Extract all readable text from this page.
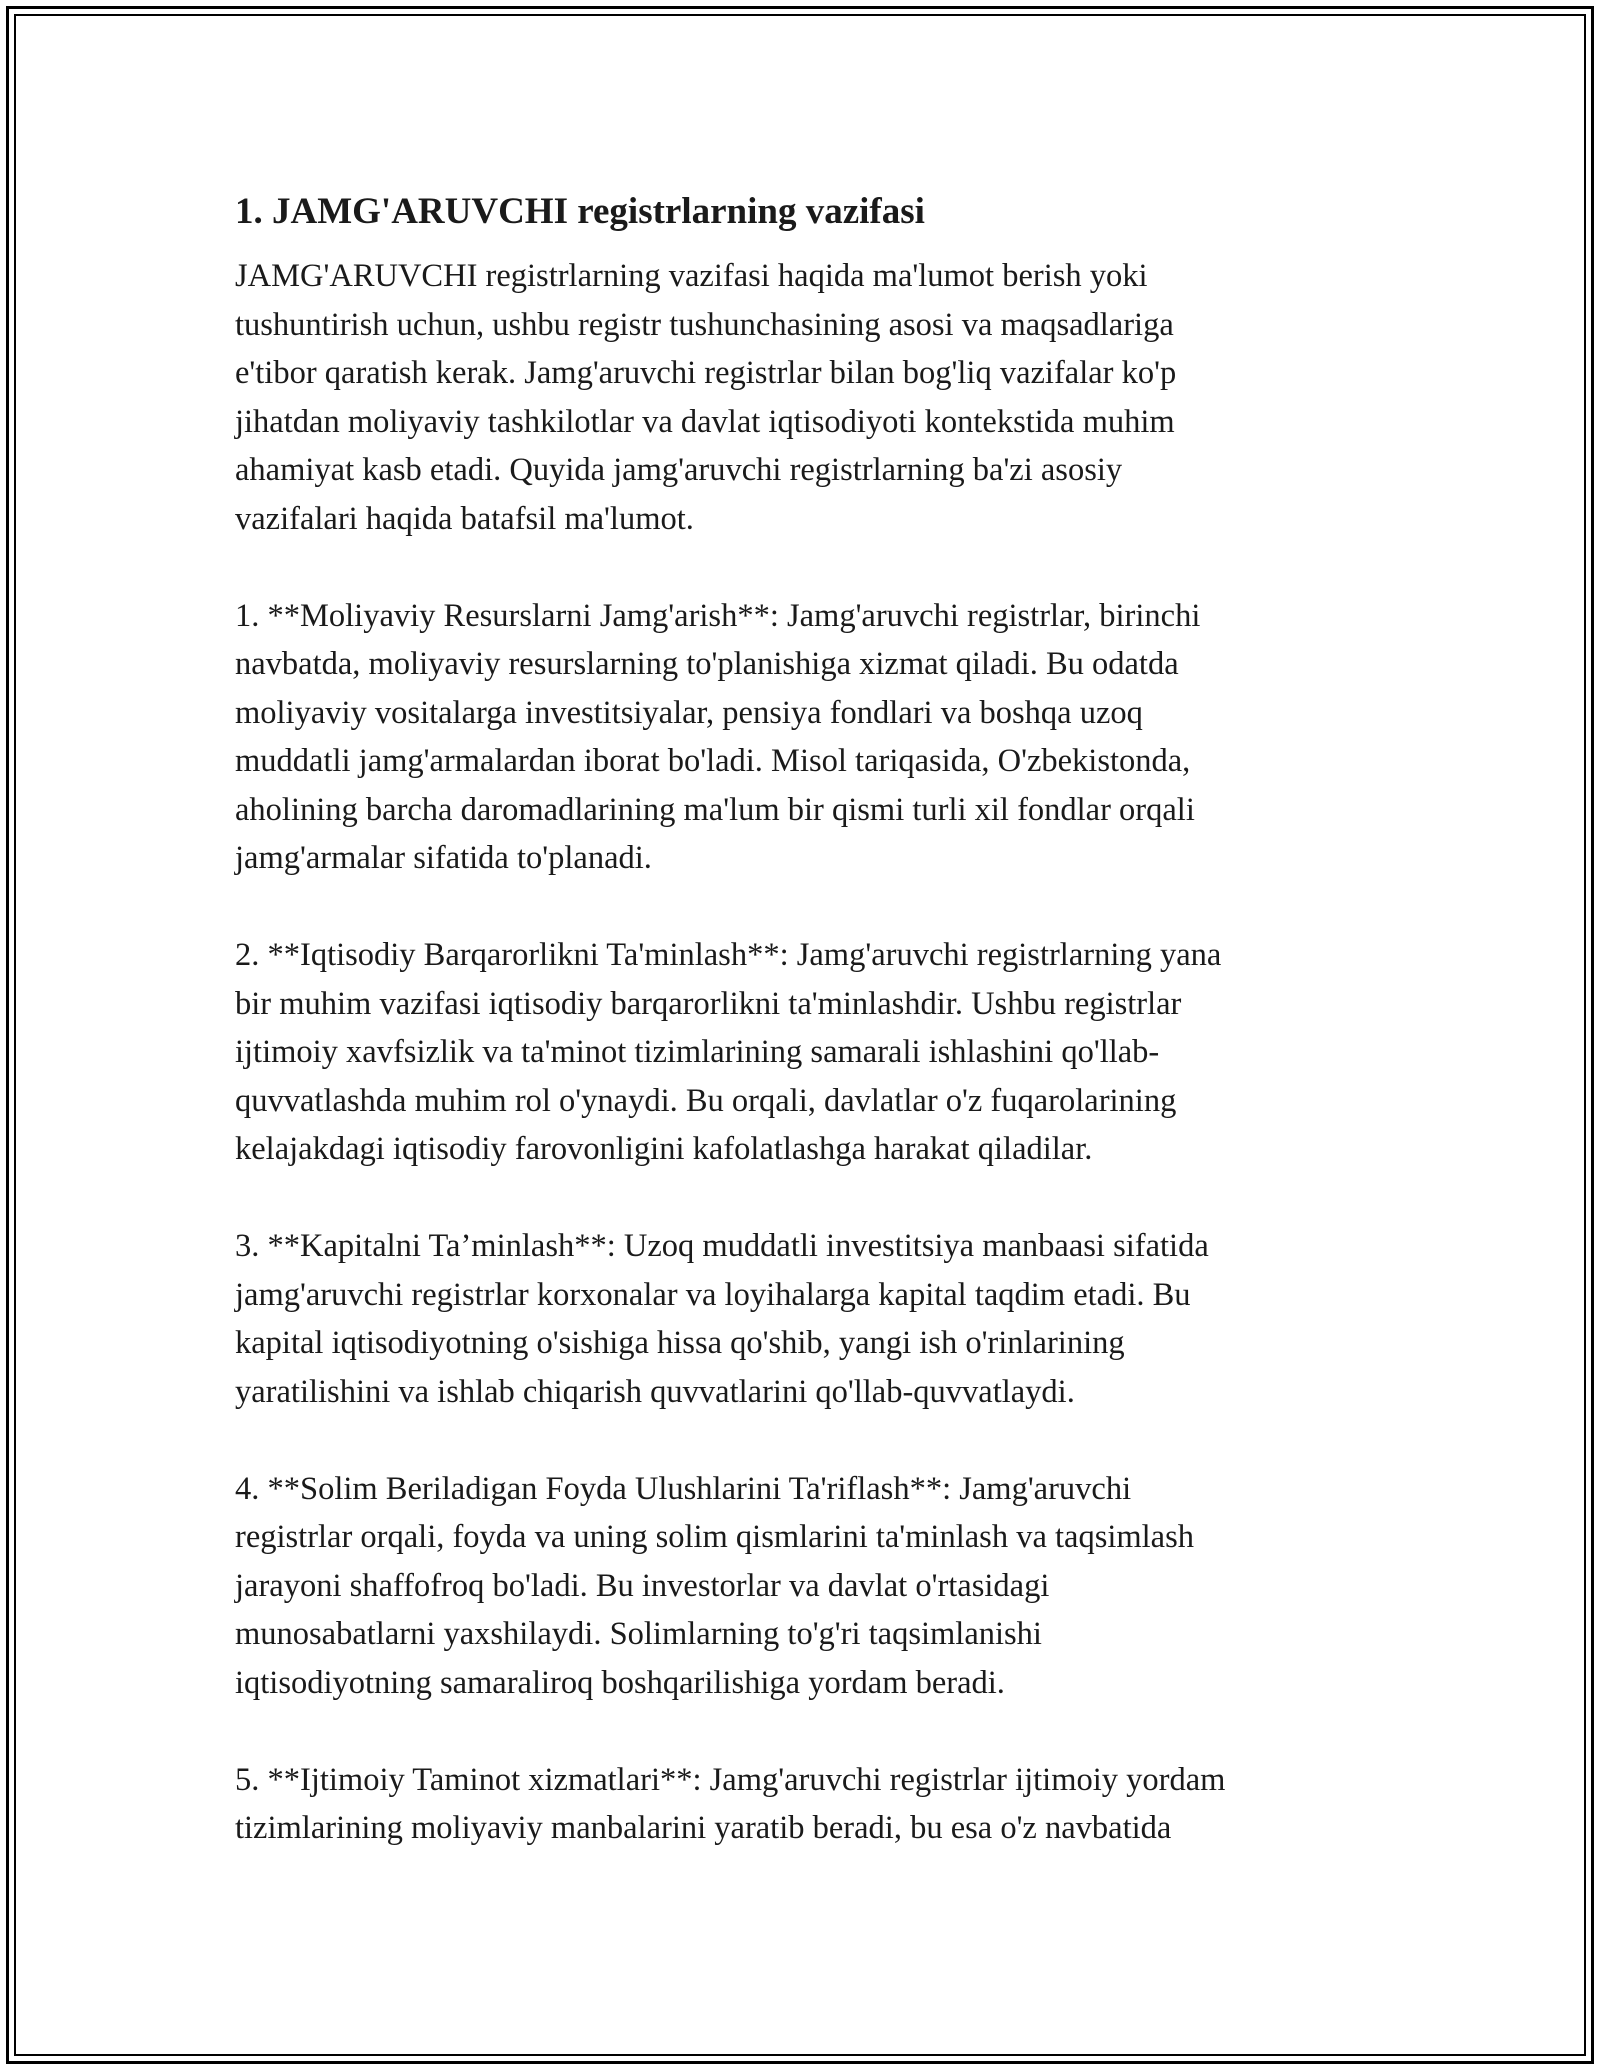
1. JAMG'ARUVCHI registrlarning vazifasi

JAMG'ARUVCHI registrlarning vazifasi haqida ma'lumot berish yoki
tushuntirish uchun, ushbu registr tushunchasining asosi va maqsadlariga
e'tibor qaratish kerak. Jamg'aruvchi registrlar bilan bog'liq vazifalar ko'p
jihatdan moliyaviy tashkilotlar va davlat iqtisodiyoti kontekstida muhim
ahamiyat kasb etadi. Quyida jamg'aruvchi registrlarning ba'zi asosiy
vazifalari haqida batafsil ma'lumot.

1. **Moliyaviy Resurslarni Jamg'arish**: Jamg'aruvchi registrlar, birinchi
navbatda, moliyaviy resurslarning to'planishiga xizmat qiladi. Bu odatda
moliyaviy vositalarga investitsiyalar, pensiya fondlari va boshqa uzoq
muddatli jamg'armalardan iborat bo'ladi. Misol tariqasida, O'zbekistonda,
aholining barcha daromadlarining ma'lum bir qismi turli xil fondlar orqali
jamg'armalar sifatida to'planadi.

2. **Iqtisodiy Barqarorlikni Ta'minlash**: Jamg'aruvchi registrlarning yana
bir muhim vazifasi iqtisodiy barqarorlikni ta'minlashdir. Ushbu registrlar
ijtimoiy xavfsizlik va ta'minot tizimlarining samarali ishlashini qo'llab-
quvvatlashda muhim rol o'ynaydi. Bu orqali, davlatlar o'z fuqarolarining
kelajakdagi iqtisodiy farovonligini kafolatlashga harakat qiladilar.

3. **Kapitalni Ta’minlash**: Uzoq muddatli investitsiya manbaasi sifatida
jamg'aruvchi registrlar korxonalar va loyihalarga kapital taqdim etadi. Bu
kapital iqtisodiyotning o'sishiga hissa qo'shib, yangi ish o'rinlarining
yaratilishini va ishlab chiqarish quvvatlarini qo'llab-quvvatlaydi.

4. **Solim Beriladigan Foyda Ulushlarini Ta'riflash**: Jamg'aruvchi
registrlar orqali, foyda va uning solim qismlarini ta'minlash va taqsimlash
jarayoni shaffofroq bo'ladi. Bu investorlar va davlat o'rtasidagi
munosabatlarni yaxshilaydi. Solimlarning to'g'ri taqsimlanishi
iqtisodiyotning samaraliroq boshqarilishiga yordam beradi.

5. **Ijtimoiy Taminot xizmatlari**: Jamg'aruvchi registrlar ijtimoiy yordam
tizimlarining moliyaviy manbalarini yaratib beradi, bu esa o'z navbatida
